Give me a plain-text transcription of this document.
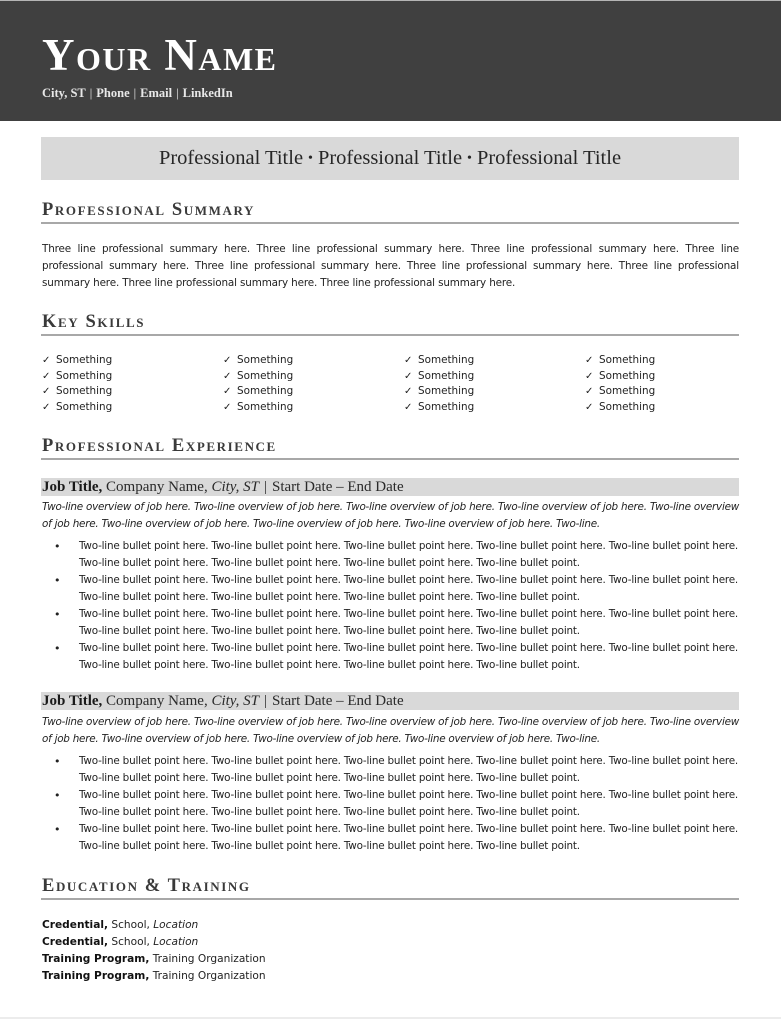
Your Name
City, ST | Phone | Email | LinkedIn
Professional Title • Professional Title • Professional Title
Professional Summary

Three line professional summary here. Three line professional summary here. Three line professional summary here. Three line professional summary here. Three line professional summary here. Three line professional summary here. Three line professional summary here. Three line professional summary here. Three line professional summary here.

Key Skills
✓ Something
✓ Something
✓ Something
✓ Something
✓ Something
✓ Something
✓ Something
✓ Something
✓ Something
✓ Something
✓ Something
✓ Something
✓ Something
✓ Something
✓ Something
✓ Something
Professional Experience
Job Title,
Company Name,
City, ST | Start Date – End Date

Two-line overview of job here. Two-line overview of job here. Two-line overview of job here. Two-line overview of job here. Two-line overview of job here. Two-line overview of job here. Two-line overview of job here. Two-line overview of job here. Two-line.

• Two-line bullet point here. Two-line bullet point here. Two-line bullet point here. Two-line bullet point here. Two-line bullet point here. Two-line bullet point here. Two-line bullet point here. Two-line bullet point here. Two-line bullet point.
• Two-line bullet point here. Two-line bullet point here. Two-line bullet point here. Two-line bullet point here. Two-line bullet point here. Two-line bullet point here. Two-line bullet point here. Two-line bullet point here. Two-line bullet point.
• Two-line bullet point here. Two-line bullet point here. Two-line bullet point here. Two-line bullet point here. Two-line bullet point here. Two-line bullet point here. Two-line bullet point here. Two-line bullet point here. Two-line bullet point.
• Two-line bullet point here. Two-line bullet point here. Two-line bullet point here. Two-line bullet point here. Two-line bullet point here. Two-line bullet point here. Two-line bullet point here. Two-line bullet point here. Two-line bullet point.
Job Title,
Company Name,
City, ST | Start Date – End Date

Two-line overview of job here. Two-line overview of job here. Two-line overview of job here. Two-line overview of job here. Two-line overview of job here. Two-line overview of job here. Two-line overview of job here. Two-line overview of job here. Two-line.

• Two-line bullet point here. Two-line bullet point here. Two-line bullet point here. Two-line bullet point here. Two-line bullet point here. Two-line bullet point here. Two-line bullet point here. Two-line bullet point here. Two-line bullet point.
• Two-line bullet point here. Two-line bullet point here. Two-line bullet point here. Two-line bullet point here. Two-line bullet point here. Two-line bullet point here. Two-line bullet point here. Two-line bullet point here. Two-line bullet point.
• Two-line bullet point here. Two-line bullet point here. Two-line bullet point here. Two-line bullet point here. Two-line bullet point here. Two-line bullet point here. Two-line bullet point here. Two-line bullet point here. Two-line bullet point.
Education & Training
Credential, School, Location
Credential, School, Location
Training Program, Training Organization
Training Program, Training Organization
